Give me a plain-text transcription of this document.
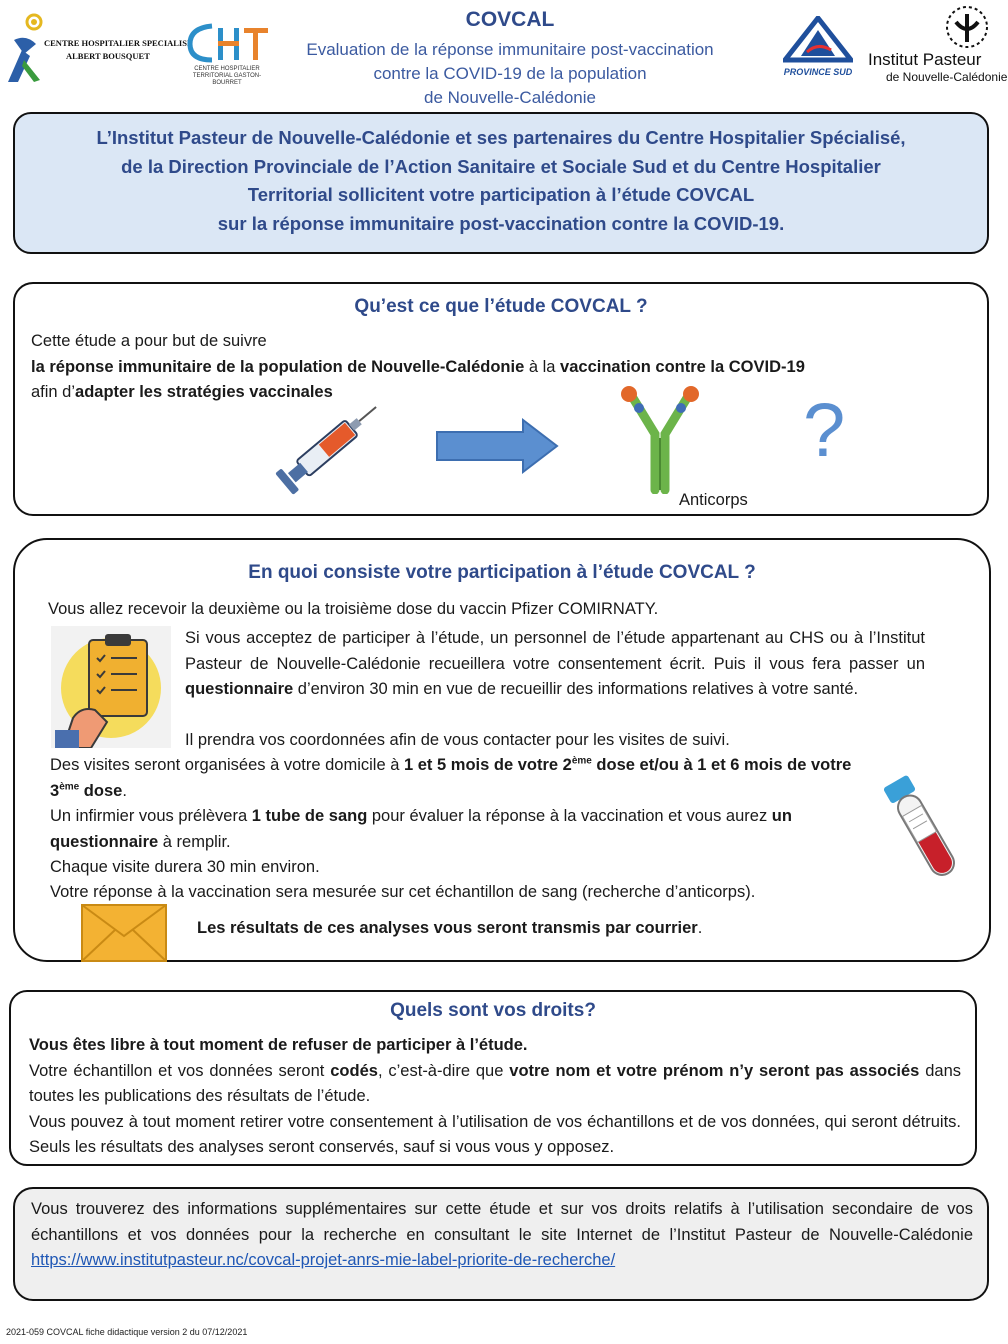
CENTRE HOSPITALIER SPECIALISE
ALBERT BOUSQUET
CENTRE HOSPITALIER TERRITORIAL GASTON-BOURRET
COVCAL
Evaluation de la réponse immunitaire post-vaccination
contre la COVID-19 de la population
de Nouvelle-Calédonie
PROVINCE SUD
Institut Pasteur
de Nouvelle-Calédonie

L’Institut Pasteur de Nouvelle-Calédonie et ses partenaires du Centre Hospitalier Spécialisé,
de la Direction Provinciale de l’Action Sanitaire et Sociale Sud et du Centre Hospitalier
Territorial sollicitent votre participation à l’étude COVCAL
sur la réponse immunitaire post-vaccination contre la COVID-19.

Qu’est ce que l’étude COVCAL ?
Cette étude a pour but de suivre
la réponse immunitaire de la population de Nouvelle-Calédonie à la vaccination contre la COVID-19
afin d’adapter les stratégies vaccinales
Anticorps
?
En quoi consiste votre participation à l’étude COVCAL ?
Vous allez recevoir la deuxième ou la troisième dose du vaccin Pfizer COMIRNATY.
Si vous acceptez de participer à l’étude, un personnel de l’étude appartenant au CHS ou à l’Institut Pasteur de Nouvelle-Calédonie recueillera votre consentement écrit. Puis il vous fera passer un questionnaire d’environ 30 min en vue de recueillir des informations relatives à votre santé.
Il prendra vos coordonnées afin de vous contacter pour les visites de suivi.
Des visites seront organisées à votre domicile à 1 et 5 mois de votre 2ème dose et/ou à 1 et 6 mois de votre 3ème dose.
Un infirmier vous prélèvera 1 tube de sang pour évaluer la réponse à la vaccination et vous aurez un questionnaire à remplir.
Chaque visite durera 30 min environ.
Votre réponse à la vaccination sera mesurée sur cet échantillon de sang (recherche d’anticorps).
Les résultats de ces analyses vous seront transmis par courrier.
Quels sont vos droits?
Vous êtes libre à tout moment de refuser de participer à l’étude.
Votre échantillon et vos données seront codés, c’est-à-dire que votre nom et votre prénom n’y seront pas associés dans toutes les publications des résultats de l’étude.
Vous pouvez à tout moment retirer votre consentement à l’utilisation de vos échantillons et de vos données, qui seront détruits. Seuls les résultats des analyses seront conservés, sauf si vous vous y opposez.
Vous trouverez des informations supplémentaires sur cette étude et sur vos droits relatifs à l’utilisation secondaire de vos échantillons et vos données pour la recherche en consultant le site Internet de l’Institut Pasteur de Nouvelle-Calédonie https://www.institutpasteur.nc/covcal-projet-anrs-mie-label-priorite-de-recherche/
2021-059 COVCAL fiche didactique version 2 du 07/12/2021
